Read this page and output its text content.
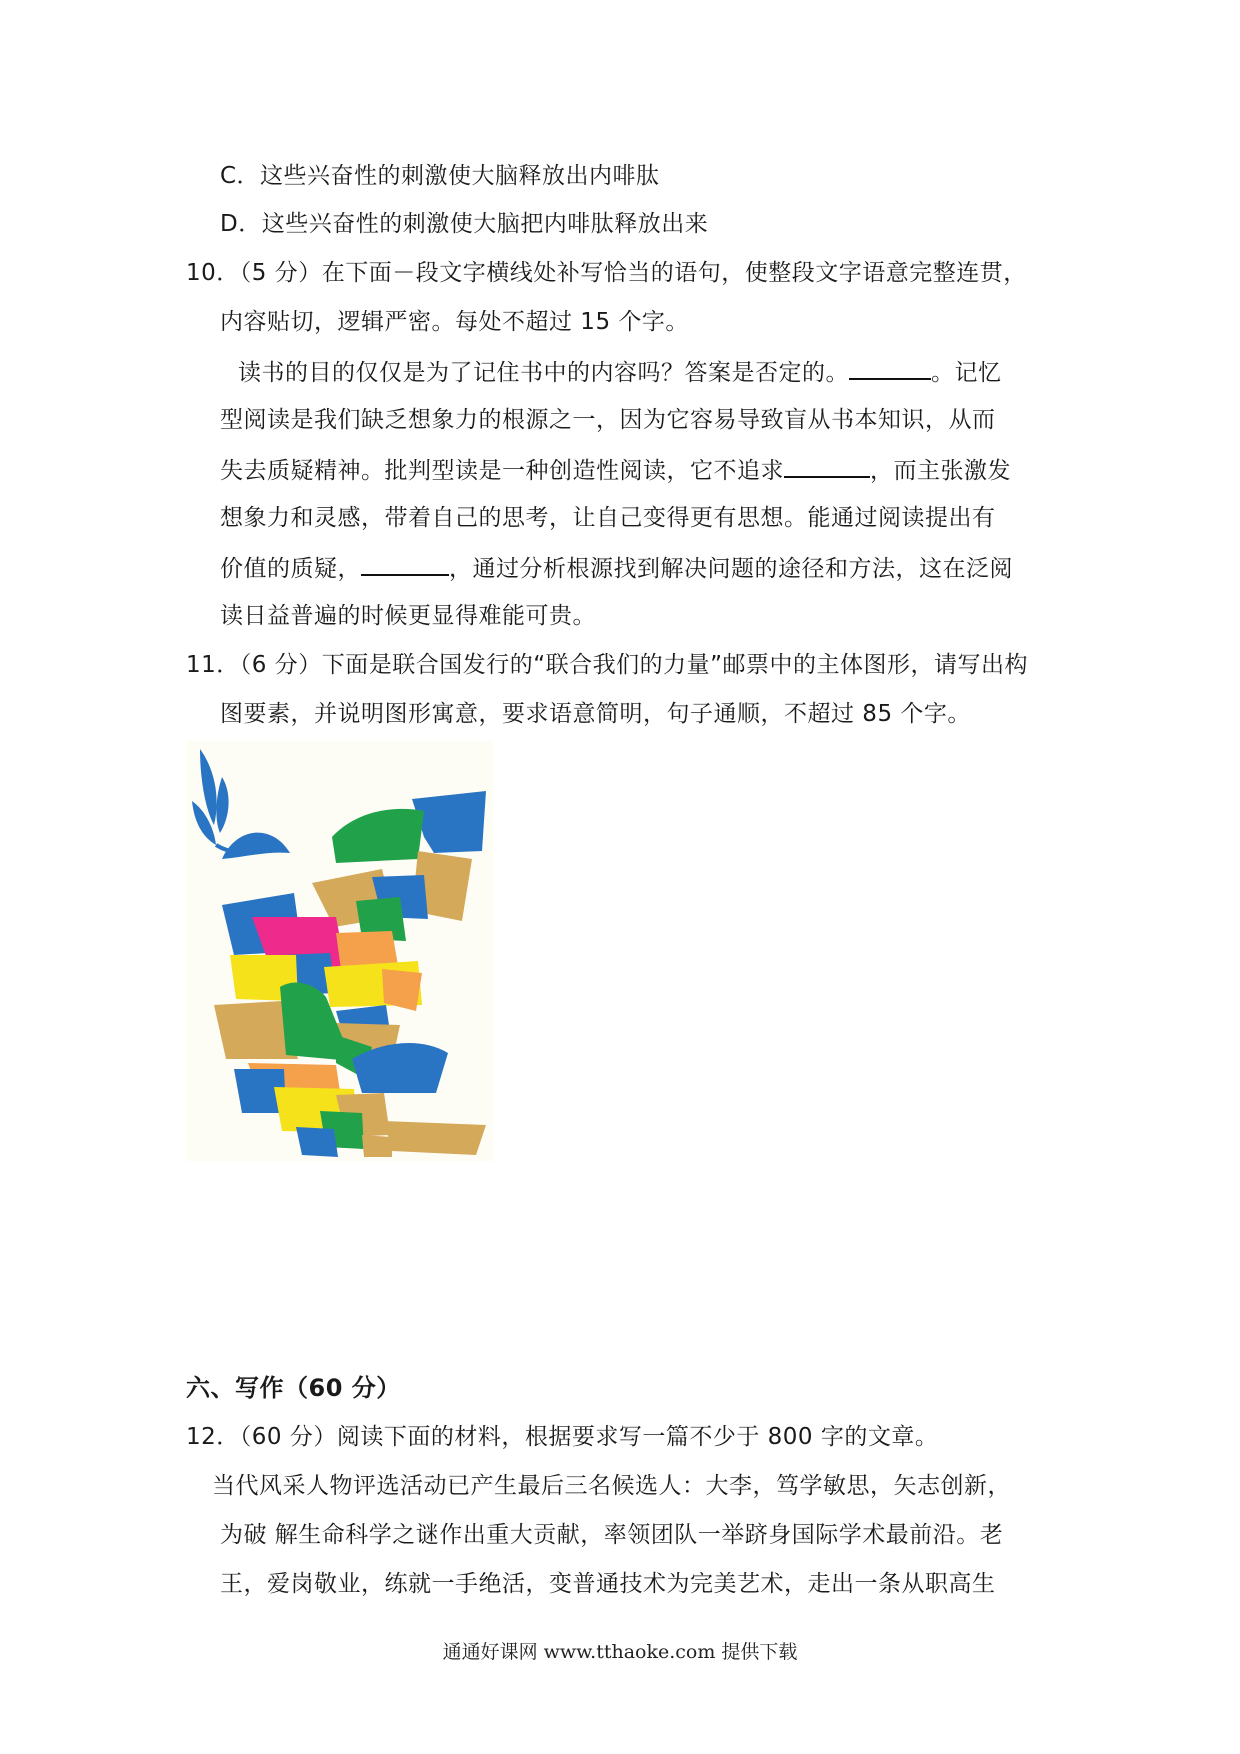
C．这些兴奋性的刺激使大脑释放出内啡肽
D．这些兴奋性的刺激使大脑把内啡肽释放出来
10．（5 分）在下面－段文字横线处补写恰当的语句，使整段文字语意完整连贯，
内容贴切，逻辑严密。每处不超过 15 个字。
读书的目的仅仅是为了记住书中的内容吗？答案是否定的。	。记忆
型阅读是我们缺乏想象力的根源之一，因为它容易导致盲从书本知识，从而
失去质疑精神。批判型读是一种创造性阅读，它不追求	，而主张激发
想象力和灵感，带着自己的思考，让自己变得更有思想。能通过阅读提出有
价值的质疑，	，通过分析根源找到解决问题的途径和方法，这在泛阅
读日益普遍的时候更显得难能可贵。
11．（6 分）下面是联合国发行的“联合我们的力量”邮票中的主体图形，请写出构
图要素，并说明图形寓意，要求语意简明，句子通顺，不超过 85 个字。
六、写作（60 分）
12．（60 分）阅读下面的材料，根据要求写一篇不少于 800 字的文章。
当代风采人物评选活动已产生最后三名候选人：大李，笃学敏思，矢志创新，
为破 解生命科学之谜作出重大贡献，率领团队一举跻身国际学术最前沿。老
王，爱岗敬业，练就一手绝活，变普通技术为完美艺术，走出一条从职高生
通通好课网 www.tthaoke.com 提供下载
